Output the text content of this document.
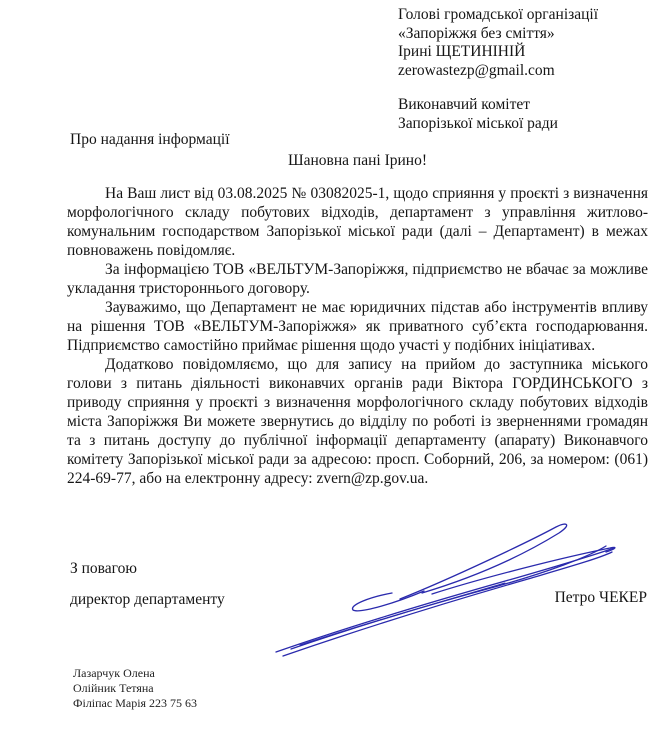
Голові громадської організації
«Запоріжжя без сміття»
Ірині ЩЕТИНІНІЙ
zerowastezp@gmail.com
Виконавчий комітет
Запорізької міської ради
Про надання інформації
Шановна пані Ірино!

На Ваш лист від 03.08.2025 № 03082025-1, щодо сприяння у проєкті з визначення морфологічного складу побутових відходів, департамент з управління житлово-комунальним господарством Запорізької міської ради (далі – Департамент) в межах повноважень повідомляє.

За інформацією ТОВ «ВЕЛЬТУМ-Запоріжжя, підприємство не вбачає за можливе укладання тристороннього договору.

Зауважимо, що Департамент не має юридичних підстав або інструментів впливу на рішення ТОВ «ВЕЛЬТУМ-Запоріжжя» як приватного суб’єкта господарювання. Підприємство самостійно приймає рішення щодо участі у подібних ініціативах.

Додатково повідомляємо, що для запису на прийом до заступника міського голови з питань діяльності виконавчих органів ради Віктора ГОРДИНСЬКОГО з приводу сприяння у проєкті з визначення морфологічного складу побутових відходів міста Запоріжжя Ви можете звернутись до відділу по роботі із зверненнями громадян та з питань доступу до публічної інформації департаменту (апарату) Виконавчого комітету Запорізької міської ради за адресою: просп. Соборний, 206, за номером: (061) 224-69-77, або на електронну адресу: zvern@zp.gov.ua.

З повагою
директор департаменту	Петро ЧЕКЕР
Лазарчук Олена
Олійник Тетяна
Філіпас Марія 223 75 63
